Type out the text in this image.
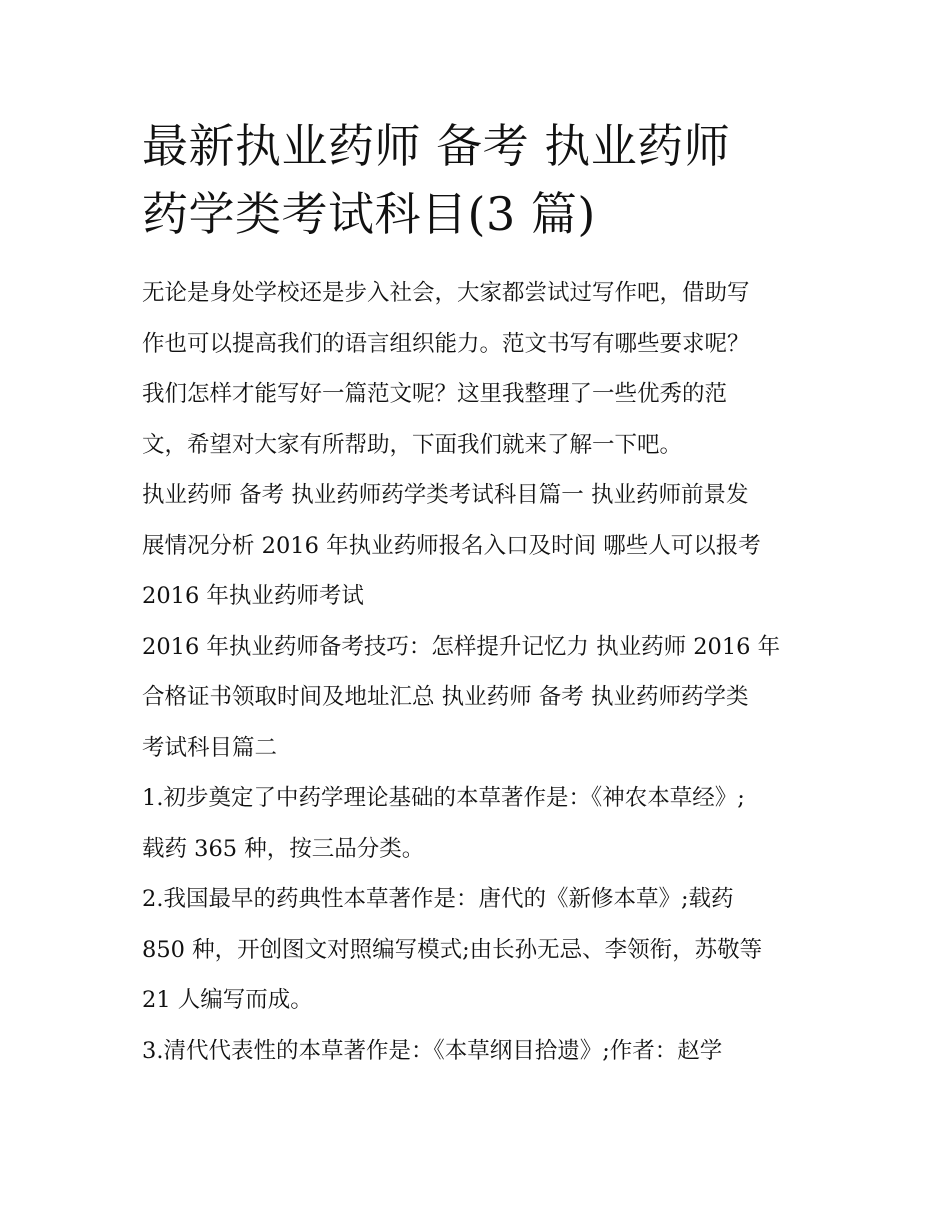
最新执业药师 备考 执业药师
药学类考试科目(3 篇)

无论是身处学校还是步入社会，大家都尝试过写作吧，借助写
作也可以提高我们的语言组织能力。范文书写有哪些要求呢？
我们怎样才能写好一篇范文呢？这里我整理了一些优秀的范
文，希望对大家有所帮助，下面我们就来了解一下吧。

执业药师 备考 执业药师药学类考试科目篇一 执业药师前景发
展情况分析 2016 年执业药师报名入口及时间 哪些人可以报考
2016 年执业药师考试

2016 年执业药师备考技巧：怎样提升记忆力 执业药师 2016 年
合格证书领取时间及地址汇总 执业药师 备考 执业药师药学类
考试科目篇二

1.初步奠定了中药学理论基础的本草著作是：《神农本草经》;
载药 365 种，按三品分类。

2.我国最早的药典性本草著作是：唐代的《新修本草》;载药
850 种，开创图文对照编写模式;由长孙无忌、李领衔，苏敬等
21 人编写而成。

3.清代代表性的本草著作是：《本草纲目拾遗》;作者：赵学
